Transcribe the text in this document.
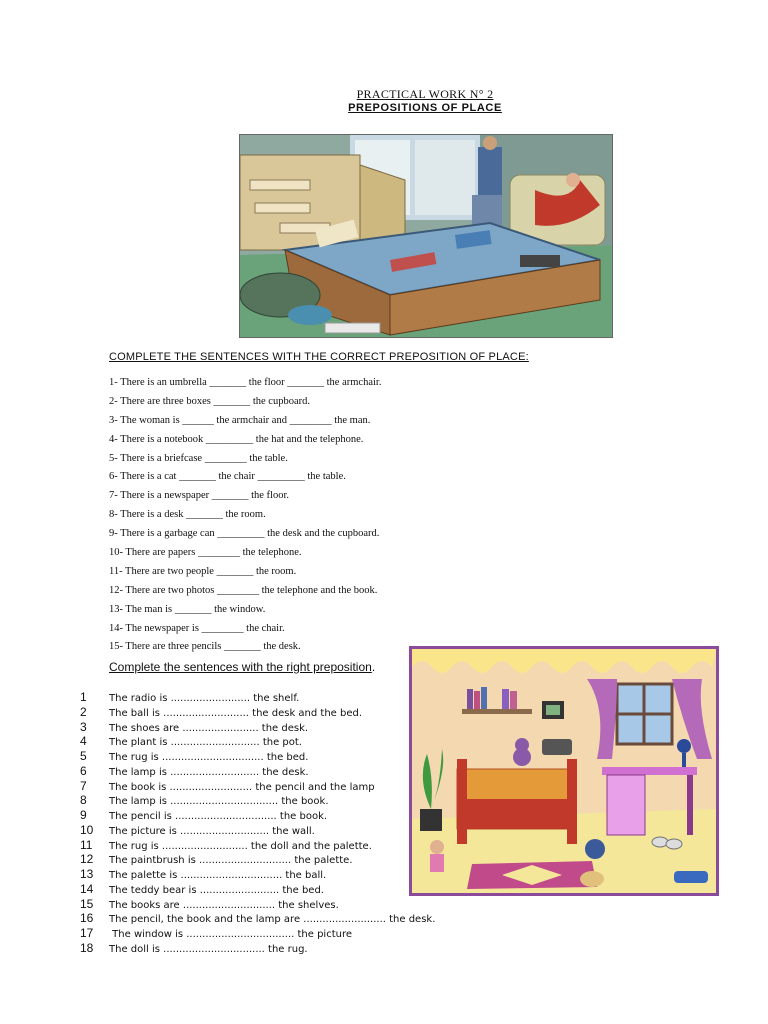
PRACTICAL WORK N° 2
PREPOSITIONS OF PLACE
COMPLETE THE SENTENCES WITH THE CORRECT PREPOSITION OF PLACE:
1- There is an umbrella _______ the floor _______ the armchair.
2- There are three boxes _______ the cupboard.
3- The woman is ______ the armchair and ________ the man.
4- There is a notebook _________ the hat and the telephone.
5- There is a briefcase ________ the table.
6- There is a cat _______ the chair _________ the table.
7- There is a newspaper _______ the floor.
8- There is a desk _______ the room.
9- There is a garbage can _________ the desk and the cupboard.
10- There are papers ________ the telephone.
11- There are two people _______ the room.
12- There are two photos ________ the telephone and the book.
13- The man is _______ the window.
14- The newspaper is ________ the chair.
15- There are three pencils _______ the desk.
Complete the sentences with the right preposition.
1 The radio is ......................... the shelf.
2 The ball is ........................... the desk and the bed.
3 The shoes are ........................ the desk.
4 The plant is ............................ the pot.
5 The rug is ................................ the bed.
6 The lamp is ............................ the desk.
7 The book is .......................... the pencil and the lamp
8 The lamp is .................................. the book.
9 The pencil is ................................ the book.
10 The picture is ............................ the wall.
11 The rug is ........................... the doll and the palette.
12 The paintbrush is ............................. the palette.
13 The palette is ................................ the ball.
14 The teddy bear is ......................... the bed.
15 The books are ............................. the shelves.
16 The pencil, the book and the lamp are .......................... the desk.
17 The window is .................................. the picture
18 The doll is ................................ the rug.
